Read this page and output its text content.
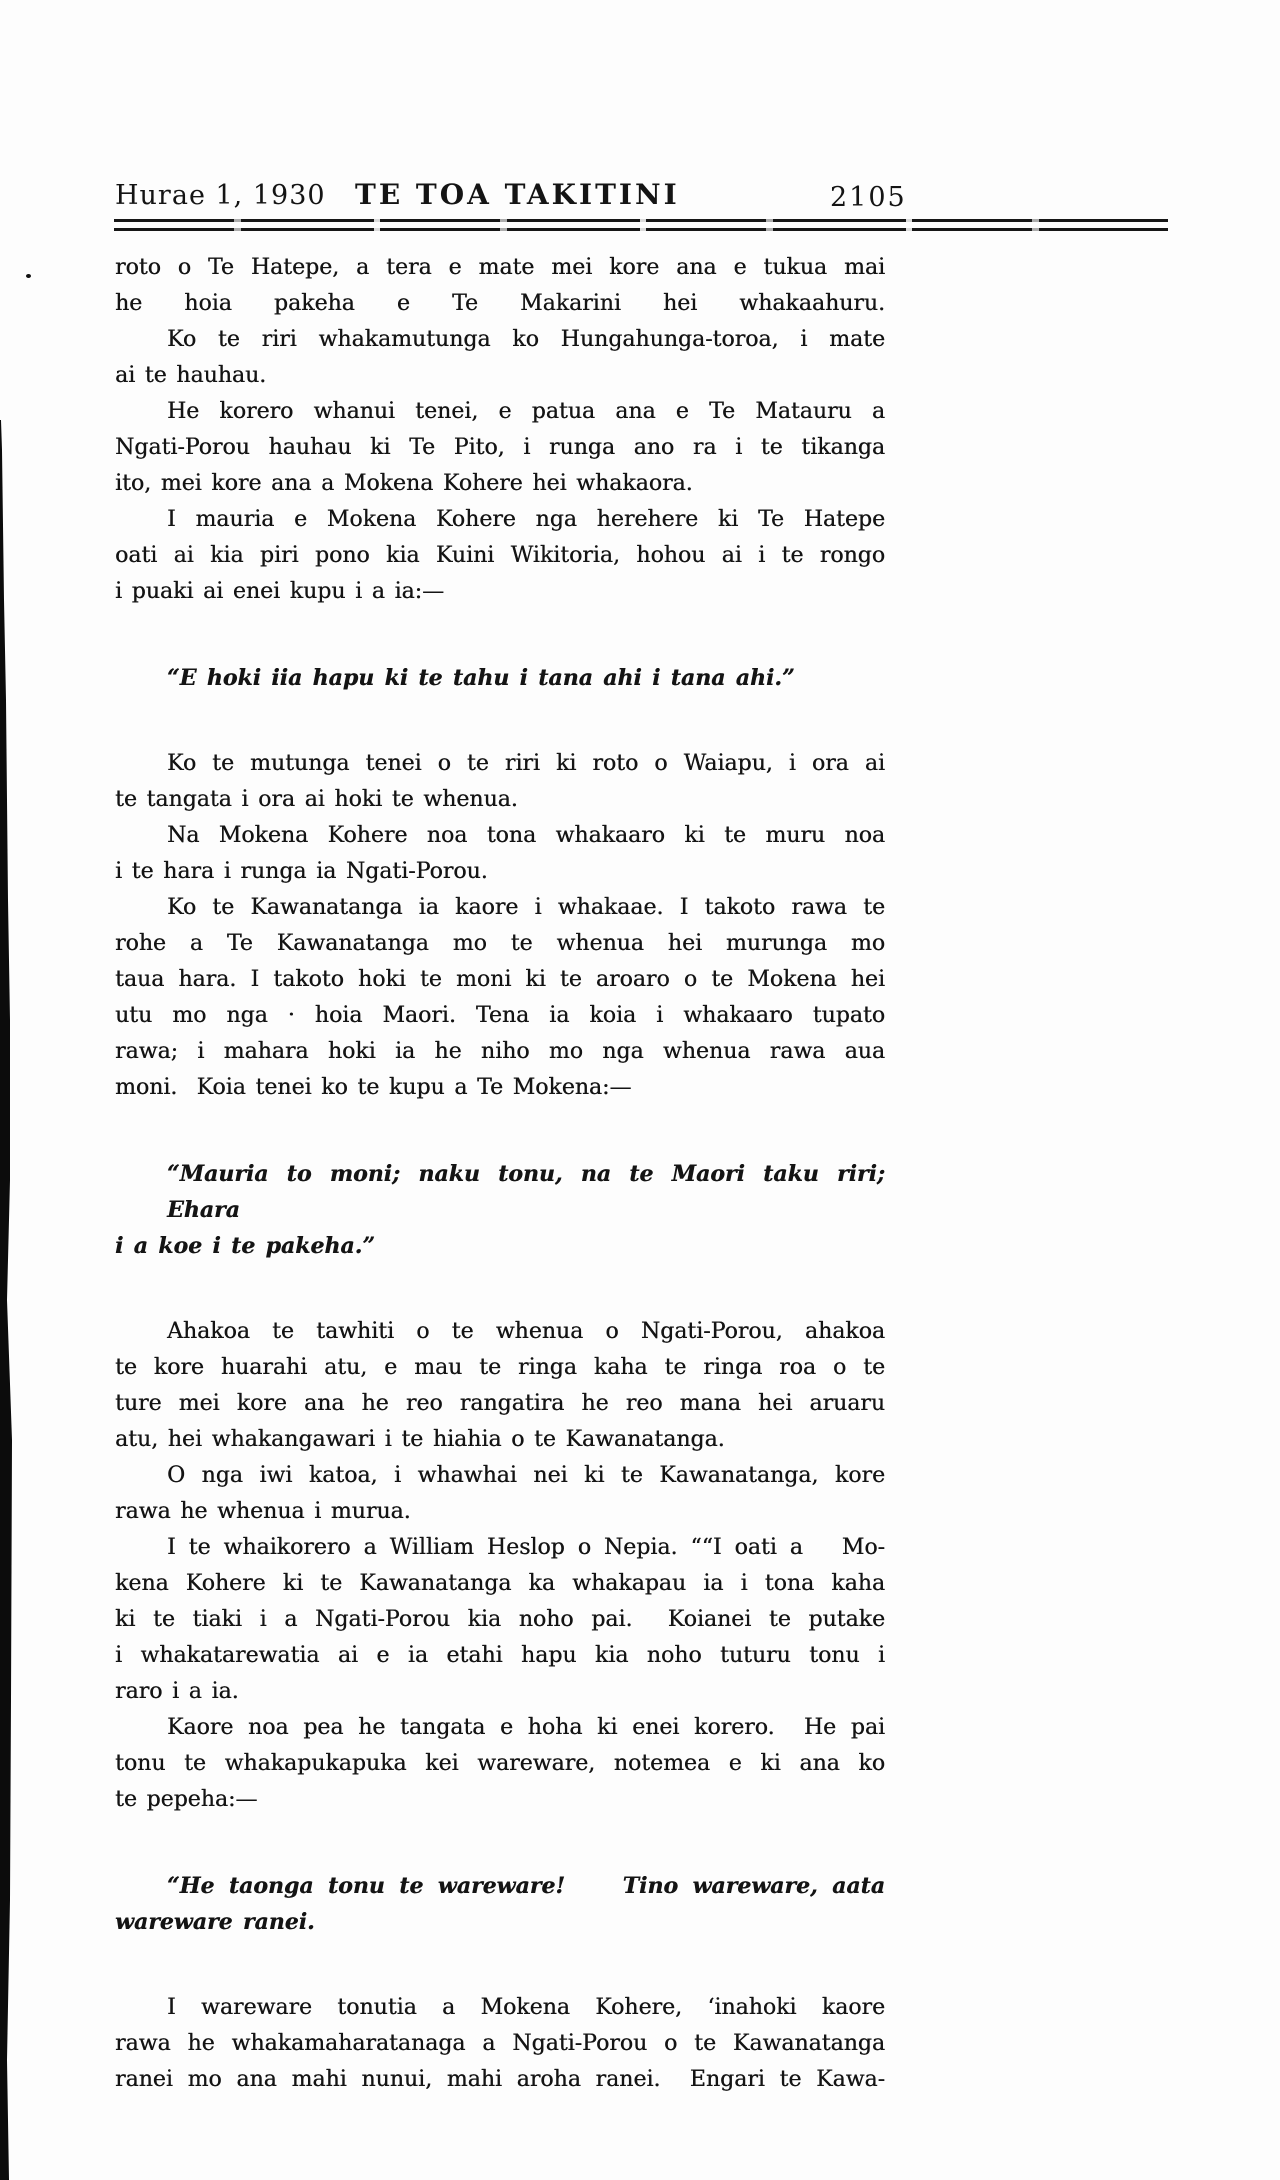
Hurae 1, 1930 TE TOA TAKITINI	2105
roto o Te Hatepe, a tera e mate mei kore ana e tukua mai
he hoia pakeha e Te Makarini hei whakaahuru.
Ko te riri whakamutunga ko Hungahunga-toroa, i mate
ai te hauhau.
He korero whanui tenei, e patua ana e Te Matauru a
Ngati-Porou hauhau ki Te Pito, i runga ano ra i te tikanga
ito, mei kore ana a Mokena Kohere hei whakaora.
I mauria e Mokena Kohere nga herehere ki Te Hatepe
oati ai kia piri pono kia Kuini Wikitoria, hohou ai i te rongo
i puaki ai enei kupu i a ia:—
“E hoki iia hapu ki te tahu i tana ahi i tana ahi.”
Ko te mutunga tenei o te riri ki roto o Waiapu, i ora ai
te tangata i ora ai hoki te whenua.
Na Mokena Kohere noa tona whakaaro ki te muru noa
i te hara i runga ia Ngati-Porou.
Ko te Kawanatanga ia kaore i whakaae. I takoto rawa te
rohe a Te Kawanatanga mo te whenua hei murunga mo
taua hara. I takoto hoki te moni ki te aroaro o te Mokena hei
utu mo nga · hoia Maori. Tena ia koia i whakaaro tupato
rawa; i mahara hoki ia he niho mo nga whenua rawa aua
moni.  Koia tenei ko te kupu a Te Mokena:—
“Mauria to moni; naku tonu, na te Maori taku riri; Ehara
i a koe i te pakeha.”
Ahakoa te tawhiti o te whenua o Ngati-Porou, ahakoa
te kore huarahi atu, e mau te ringa kaha te ringa roa o te
ture mei kore ana he reo rangatira he reo mana hei aruaru
atu, hei whakangawari i te hiahia o te Kawanatanga.
O nga iwi katoa, i whawhai nei ki te Kawanatanga, kore
rawa he whenua i murua.
I te whaikorero a William Heslop o Nepia. ““I oati a   Mo-
kena Kohere ki te Kawanatanga ka whakapau ia i tona kaha
ki te tiaki i a Ngati-Porou kia noho pai.  Koianei te putake
i whakatarewatia ai e ia etahi hapu kia noho tuturu tonu i
raro i a ia.
Kaore noa pea he tangata e hoha ki enei korero.  He pai
tonu te whakapukapuka kei wareware, notemea e ki ana ko
te pepeha:—
“He taonga tonu te wareware!    Tino wareware, aata
wareware ranei.
I wareware tonutia a Mokena Kohere, ʻinahoki kaore
rawa he whakamaharatanaga a Ngati-Porou o te Kawanatanga
ranei mo ana mahi nunui, mahi aroha ranei.  Engari te Kawa-
